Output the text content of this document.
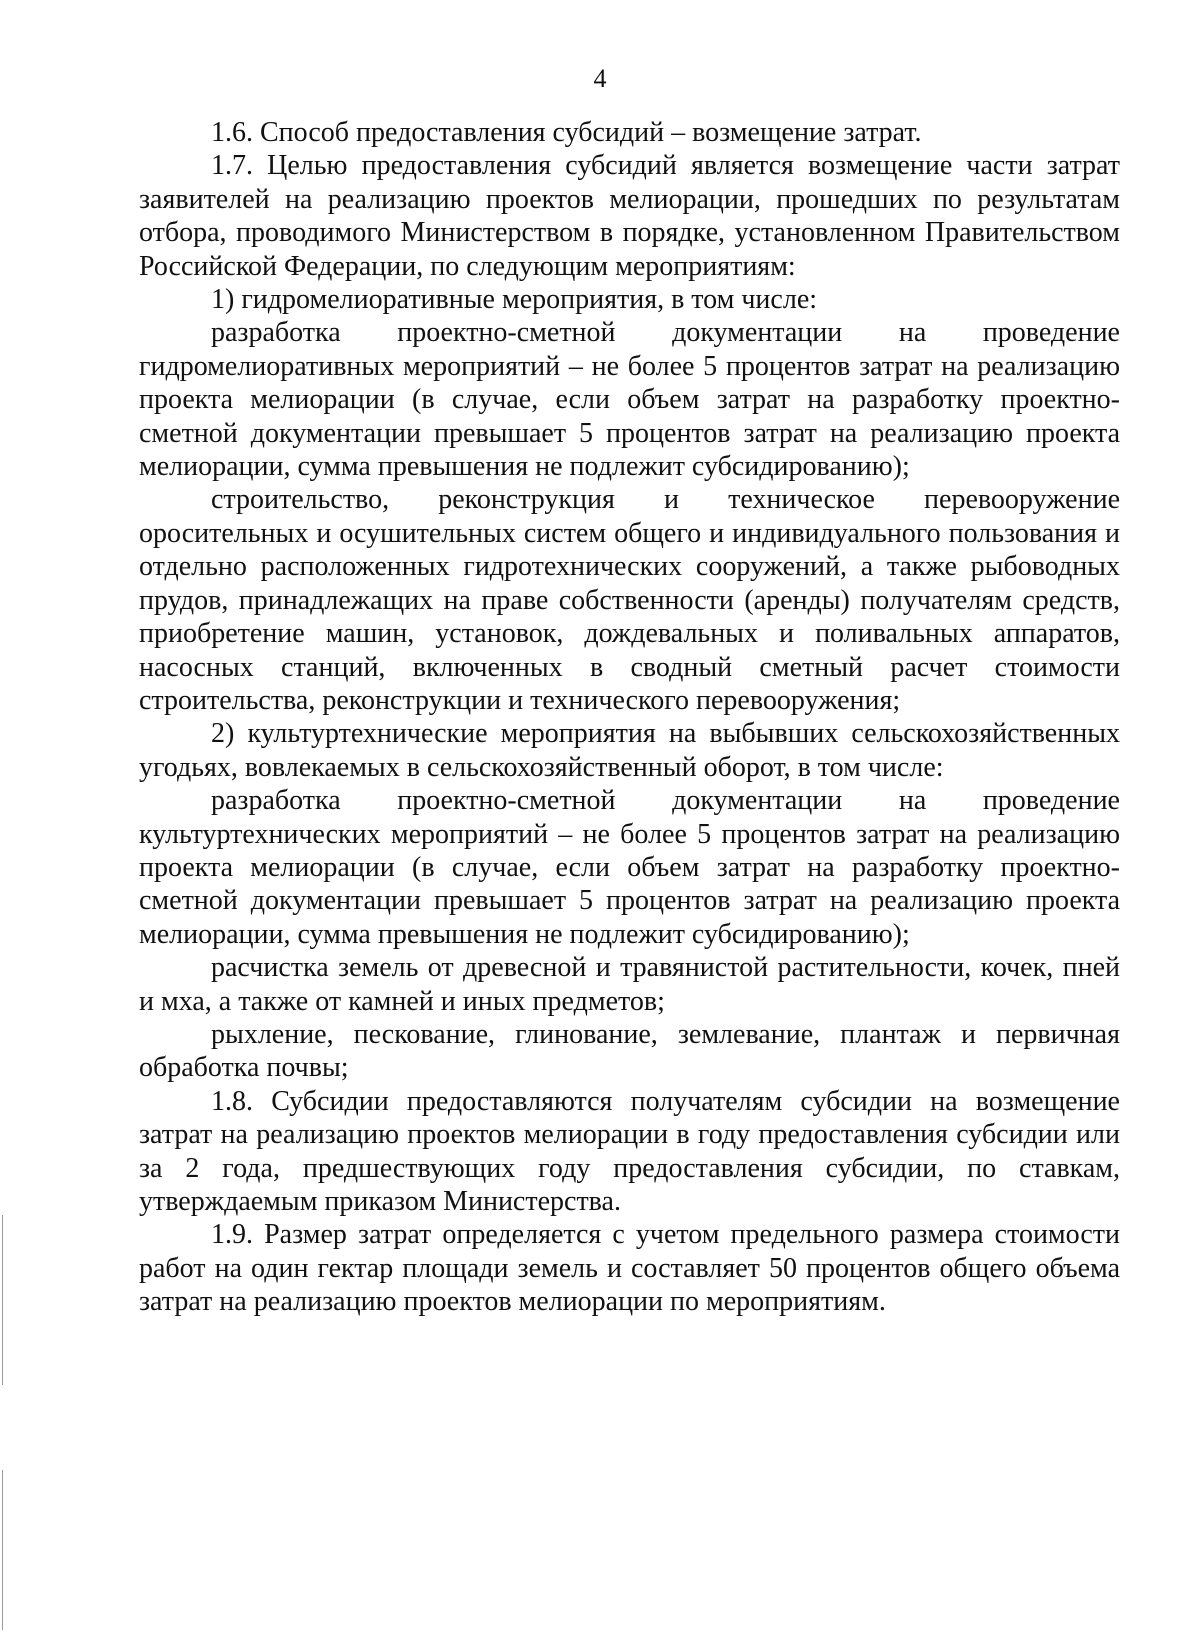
4

1.6. Способ предоставления субсидий – возмещение затрат.

1.7. Целью предоставления субсидий является возмещение части затрат заявителей на реализацию проектов мелиорации, прошедших по результатам отбора, проводимого Министерством в порядке, установленном Правительством Российской Федерации, по следующим мероприятиям:

1) гидромелиоративные мероприятия, в том числе:

разработка проектно-сметной документации на проведение гидромелиоративных мероприятий – не более 5 процентов затрат на реализацию проекта мелиорации (в случае, если объем затрат на разработку проектно-сметной документации превышает 5 процентов затрат на реализацию проекта мелиорации, сумма превышения не подлежит субсидированию);

строительство, реконструкция и техническое перевооружение оросительных и осушительных систем общего и индивидуального пользования и отдельно расположенных гидротехнических сооружений, а также рыбоводных прудов, принадлежащих на праве собственности (аренды) получателям средств, приобретение машин, установок, дождевальных и поливальных аппаратов, насосных станций, включенных в сводный сметный расчет стоимости строительства, реконструкции и технического перевооружения;

2) культуртехнические мероприятия на выбывших сельскохозяйственных угодьях, вовлекаемых в сельскохозяйственный оборот, в том числе:

разработка проектно-сметной документации на проведение культуртехнических мероприятий – не более 5 процентов затрат на реализацию проекта мелиорации (в случае, если объем затрат на разработку проектно-сметной документации превышает 5 процентов затрат на реализацию проекта мелиорации, сумма превышения не подлежит субсидированию);

расчистка земель от древесной и травянистой растительности, кочек, пней и мха, а также от камней и иных предметов;

рыхление, пескование, глинование, землевание, плантаж и первичная обработка почвы;

1.8. Субсидии предоставляются получателям субсидии на возмещение затрат на реализацию проектов мелиорации в году предоставления субсидии или за 2 года, предшествующих году предоставления субсидии, по ставкам, утверждаемым приказом Министерства.

1.9. Размер затрат определяется с учетом предельного размера стоимости работ на один гектар площади земель и составляет 50 процентов общего объема затрат на реализацию проектов мелиорации по мероприятиям.
